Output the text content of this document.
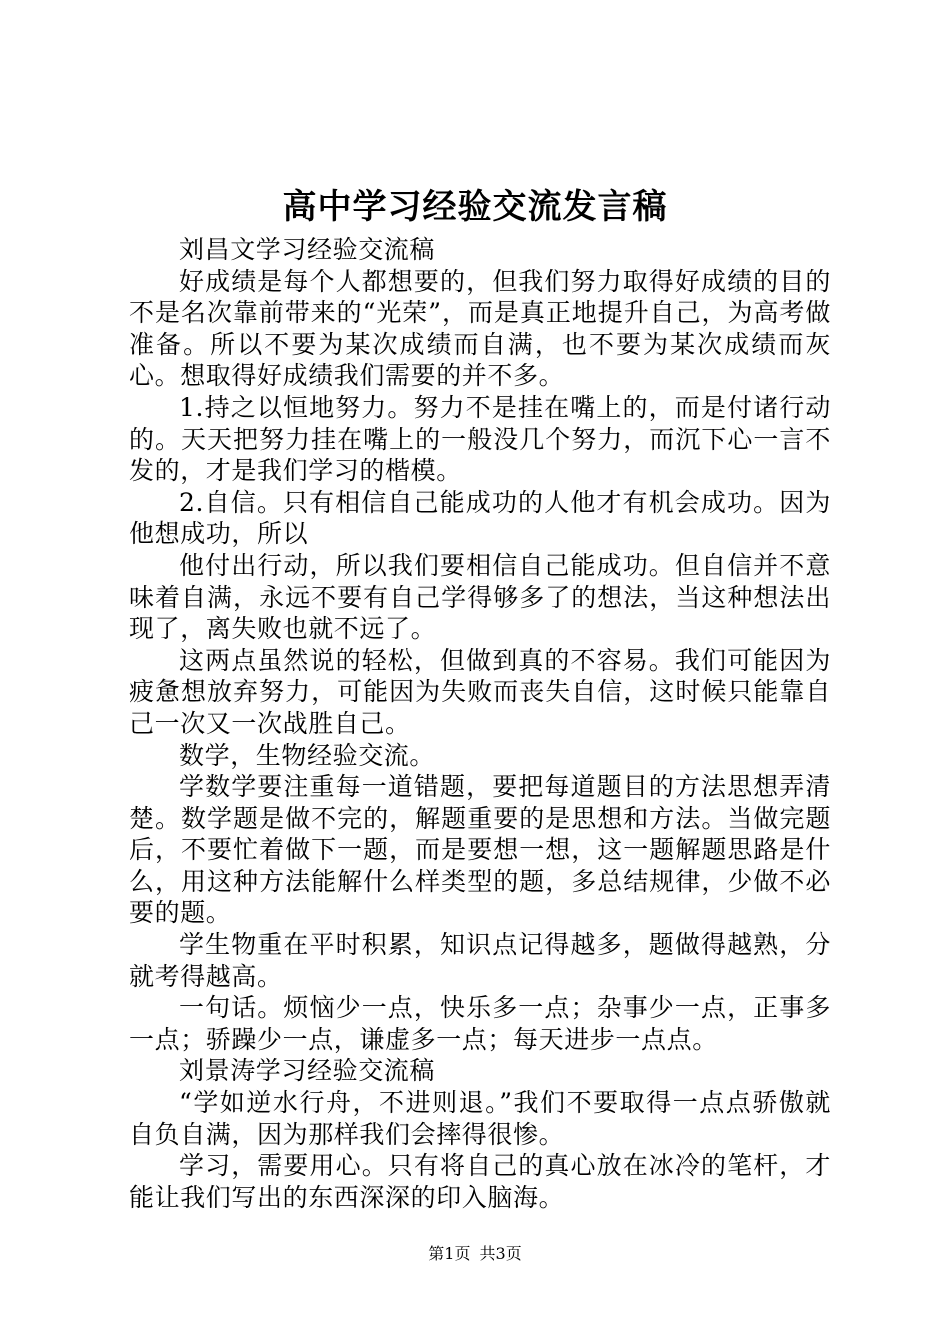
高中学习经验交流发言稿

刘昌文学习经验交流稿

好成绩是每个人都想要的，但我们努力取得好成绩的目的不是名次靠前带来的“光荣”，而是真正地提升自己，为高考做准备。所以不要为某次成绩而自满，也不要为某次成绩而灰心。想取得好成绩我们需要的并不多。

1.持之以恒地努力。努力不是挂在嘴上的，而是付诸行动的。天天把努力挂在嘴上的一般没几个努力，而沉下心一言不发的，才是我们学习的楷模。

2.自信。只有相信自己能成功的人他才有机会成功。因为他想成功，所以

他付出行动，所以我们要相信自己能成功。但自信并不意味着自满，永远不要有自己学得够多了的想法，当这种想法出现了，离失败也就不远了。

这两点虽然说的轻松，但做到真的不容易。我们可能因为疲惫想放弃努力，可能因为失败而丧失自信，这时候只能靠自己一次又一次战胜自己。

数学，生物经验交流。

学数学要注重每一道错题，要把每道题目的方法思想弄清楚。数学题是做不完的，解题重要的是思想和方法。当做完题后，不要忙着做下一题，而是要想一想，这一题解题思路是什么，用这种方法能解什么样类型的题，多总结规律，少做不必要的题。

学生物重在平时积累，知识点记得越多，题做得越熟，分就考得越高。

一句话。烦恼少一点，快乐多一点；杂事少一点，正事多一点；骄躁少一点，谦虚多一点；每天进步一点点。

刘景涛学习经验交流稿

“学如逆水行舟，不进则退。”我们不要取得一点点骄傲就自负自满，因为那样我们会摔得很惨。

学习，需要用心。只有将自己的真心放在冰冷的笔杆，才能让我们写出的东西深深的印入脑海。

第1页 共3页
